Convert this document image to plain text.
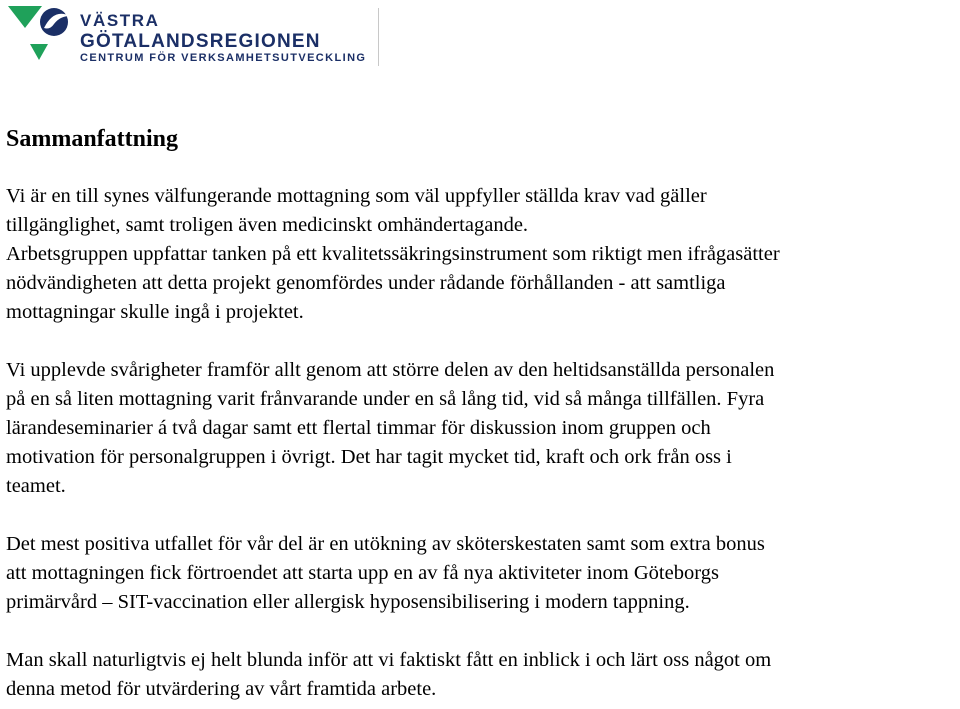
VÄSTRA
GÖTALANDSREGIONEN
CENTRUM FÖR VERKSAMHETSUTVECKLING
Sammanfattning

Vi är en till synes välfungerande mottagning som väl uppfyller ställda krav vad gäller
tillgänglighet, samt troligen även medicinskt omhändertagande.
Arbetsgruppen uppfattar tanken på ett kvalitetssäkringsinstrument som riktigt men ifrågasätter
nödvändigheten att detta projekt genomfördes under rådande förhållanden - att samtliga
mottagningar skulle ingå i projektet.

Vi upplevde svårigheter framför allt genom att större delen av den heltidsanställda personalen
på en så liten mottagning varit frånvarande under en så lång tid, vid så många tillfällen. Fyra
lärandeseminarier á två dagar samt ett flertal timmar för diskussion inom gruppen och
motivation för personalgruppen i övrigt. Det har tagit mycket tid, kraft och ork från oss i
teamet.

Det mest positiva utfallet för vår del är en utökning av sköterskestaten samt som extra bonus
att mottagningen fick förtroendet att starta upp en av få nya aktiviteter inom Göteborgs
primärvård – SIT-vaccination eller allergisk hyposensibilisering i modern tappning.

Man skall naturligtvis ej helt blunda inför att vi faktiskt fått en inblick i och lärt oss något om
denna metod för utvärdering av vårt framtida arbete.
